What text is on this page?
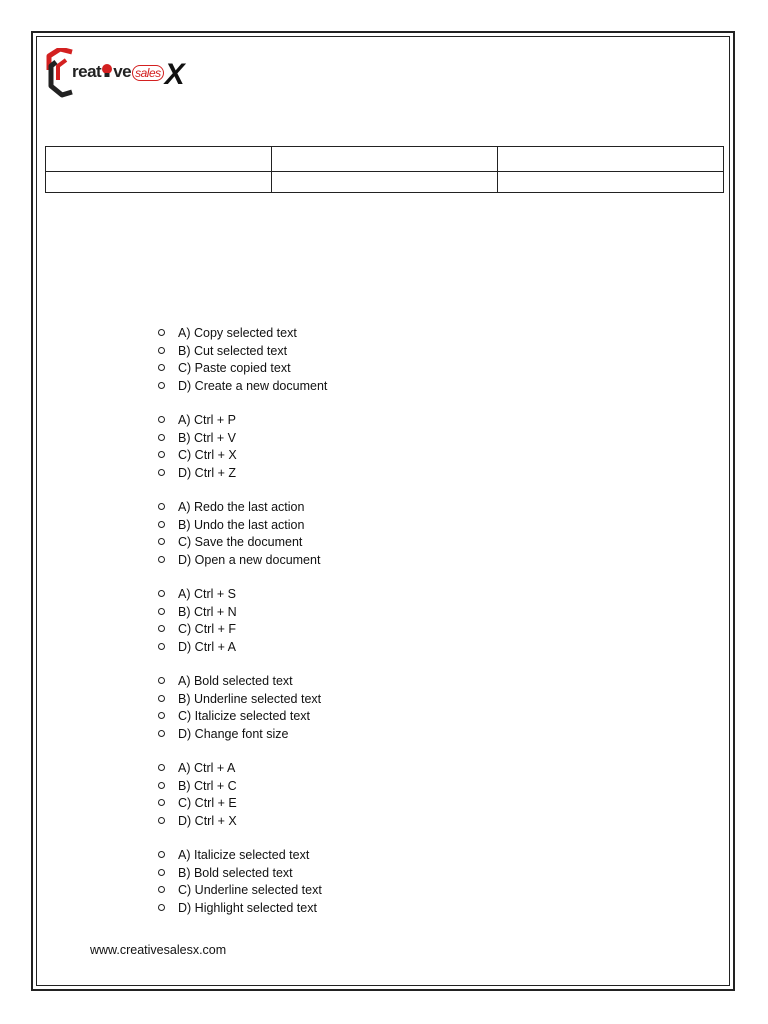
reat ve sales X

A) Copy selected text
B) Cut selected text
C) Paste copied text
D) Create a new document
A) Ctrl + P
B) Ctrl + V
C) Ctrl + X
D) Ctrl + Z
A) Redo the last action
B) Undo the last action
C) Save the document
D) Open a new document
A) Ctrl + S
B) Ctrl + N
C) Ctrl + F
D) Ctrl + A
A) Bold selected text
B) Underline selected text
C) Italicize selected text
D) Change font size
A) Ctrl + A
B) Ctrl + C
C) Ctrl + E
D) Ctrl + X
A) Italicize selected text
B) Bold selected text
C) Underline selected text
D) Highlight selected text
www.creativesalesx.com
